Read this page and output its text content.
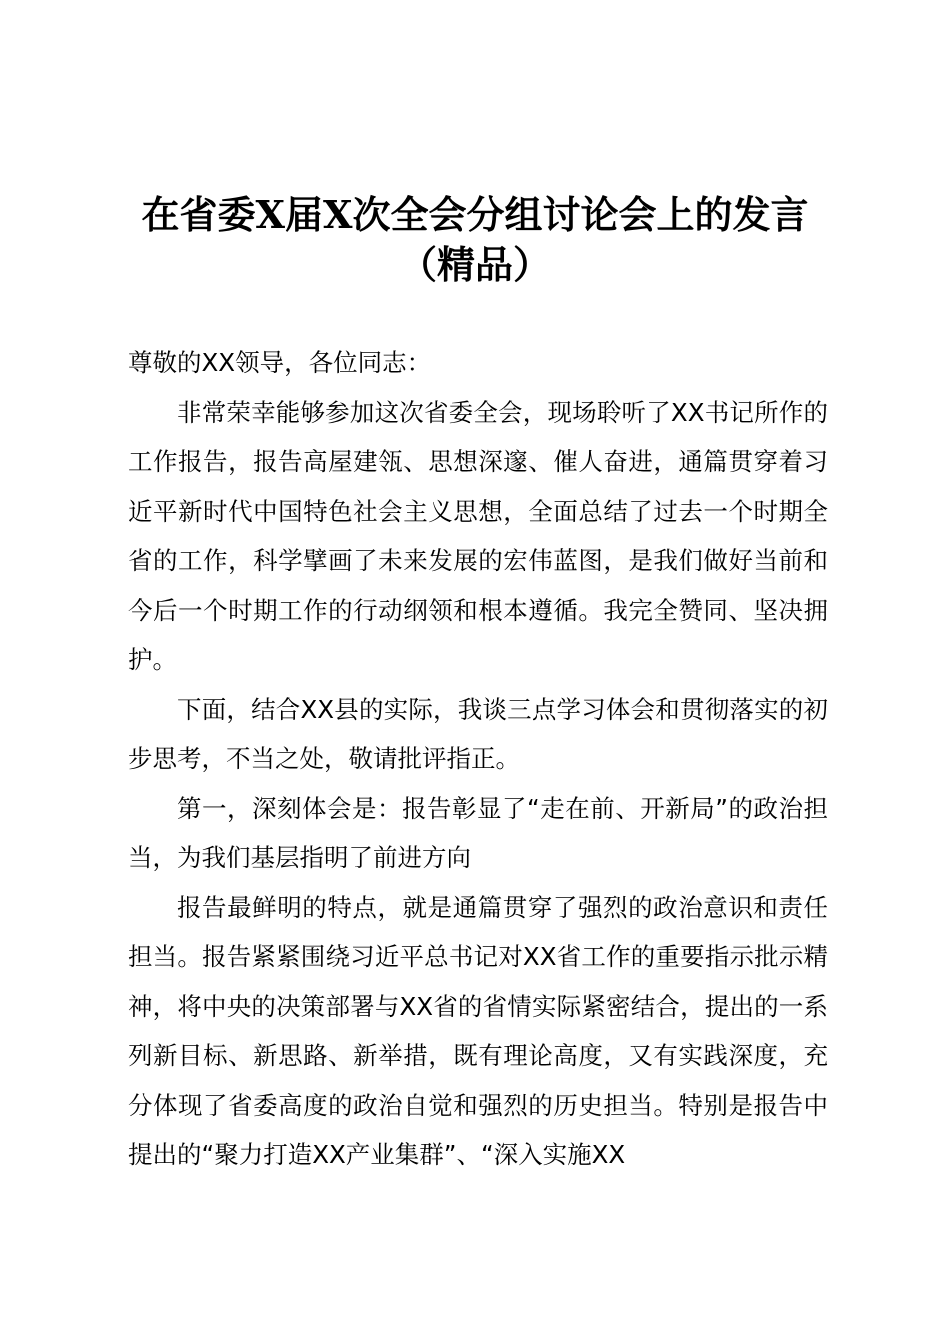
在省委X届X次全会分组讨论会上的发言
（精品）

尊敬的XX领导，各位同志：

非常荣幸能够参加这次省委全会，现场聆听了XX书记所作的工作报告，报告高屋建瓴、思想深邃、催人奋进，通篇贯穿着习近平新时代中国特色社会主义思想，全面总结了过去一个时期全省的工作，科学擘画了未来发展的宏伟蓝图，是我们做好当前和今后一个时期工作的行动纲领和根本遵循。我完全赞同、坚决拥护。

下面，结合XX县的实际，我谈三点学习体会和贯彻落实的初步思考，不当之处，敬请批评指正。

第一，深刻体会是：报告彰显了“走在前、开新局”的政治担当，为我们基层指明了前进方向

报告最鲜明的特点，就是通篇贯穿了强烈的政治意识和责任担当。报告紧紧围绕习近平总书记对XX省工作的重要指示批示精神，将中央的决策部署与XX省的省情实际紧密结合，提出的一系列新目标、新思路、新举措，既有理论高度，又有实践深度，充分体现了省委高度的政治自觉和强烈的历史担当。特别是报告中提出的“聚力打造XX产业集群”、“深入实施XX
